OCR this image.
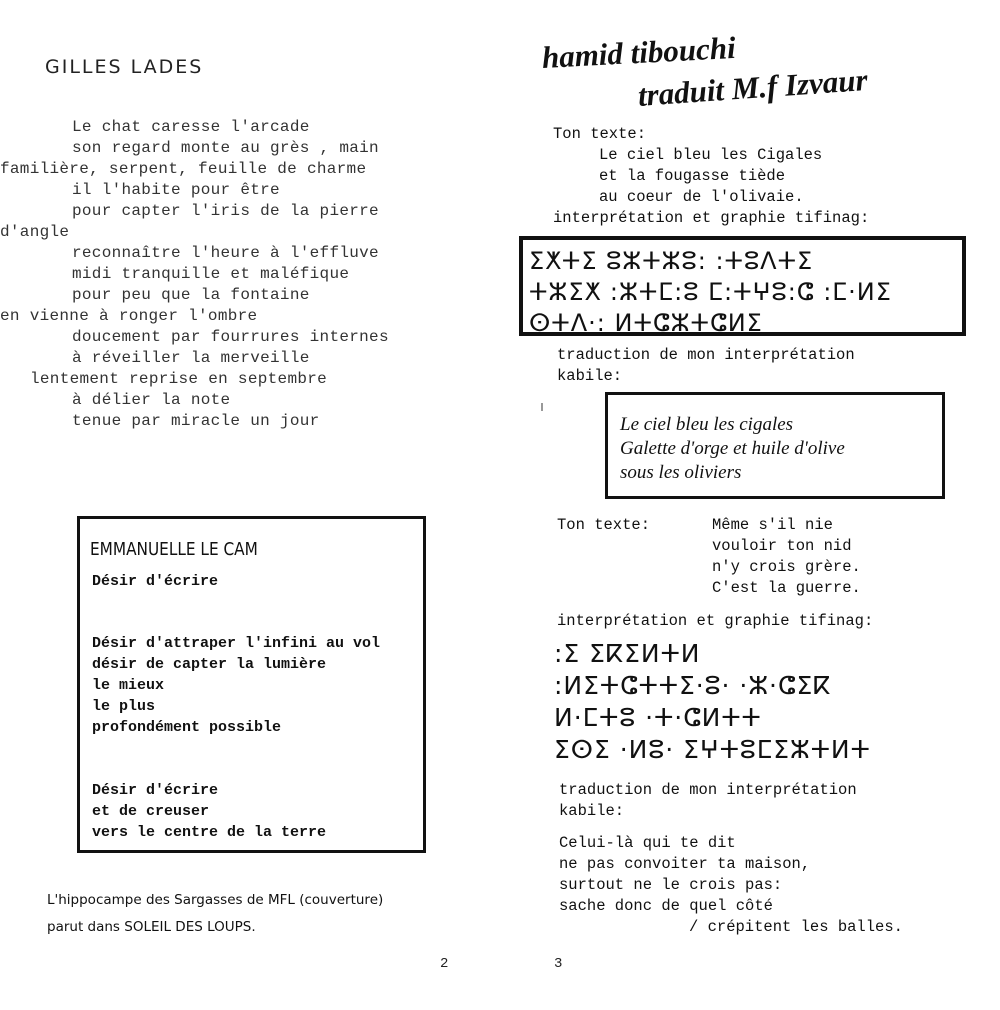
GILLES LADES
Le chat caresse l'arcade
son regard monte au grès , main
familière, serpent, feuille de charme
il l'habite pour être
pour capter l'iris de la pierre
d'angle
reconnaître l'heure à l'effluve
midi tranquille et maléfique
pour peu que la fontaine
en vienne à ronger l'ombre
doucement par fourrures internes
à réveiller la merveille
lentement reprise en septembre
à délier la note
tenue par miracle un jour
EMMANUELLE LE CAM
Désir d'écrire
Désir d'attraper l'infini au vol
désir de capter la lumière
le mieux
le plus
profondément possible
Désir d'écrire
et de creuser
vers le centre de la terre
L'hippocampe des Sargasses de MFL (couverture)
parut dans SOLEIL DES LOUPS.
2
hamid tibouchi
traduit M.f Izvaur
Ton texte:
Le ciel bleu les Cigales
et la fougasse tiède
au coeur de l'olivaie.
interprétation et graphie tifinag:
ⵉⵅⵜⵉ ⵓⵣⵜⵣⵓ: :ⵜⵓⴷⵜⵉ
ⵜⵣⵉⵅ :ⵣⵜⵎ:ⵓ ⵎ:ⵜⵖⵓ:ⵛ :ⵎ·ⵍⵉ
ⵙⵜⴷ·: ⵍⵜⵛⵣⵜⵛⵍⵉ
traduction de mon interprétation
kabile:
Le ciel bleu les cigales
Galette d'orge et huile d'olive
sous les oliviers
Ton texte:	Même s'il nie
vouloir ton nid
n'y crois grère.
C'est la guerre.
interprétation et graphie tifinag:
:ⵉ ⵉⴽⵉⵍⵜⵍ
:ⵍⵉⵜⵛⵜⵜⵉ·ⵓ· ·ⵣ·ⵛⵉⴽ
ⵍ·ⵎⵜⵓ ·ⵜ·ⵛⵍⵜⵜ
ⵉⵙⵉ ·ⵍⵓ· ⵉⵖⵜⵓⵎⵉⵣⵜⵍⵜ
traduction de mon interprétation
kabile:
Celui-là qui te dit
ne pas convoiter ta maison,
surtout ne le crois pas:
sache donc de quel côté
/ crépitent les balles.
3
